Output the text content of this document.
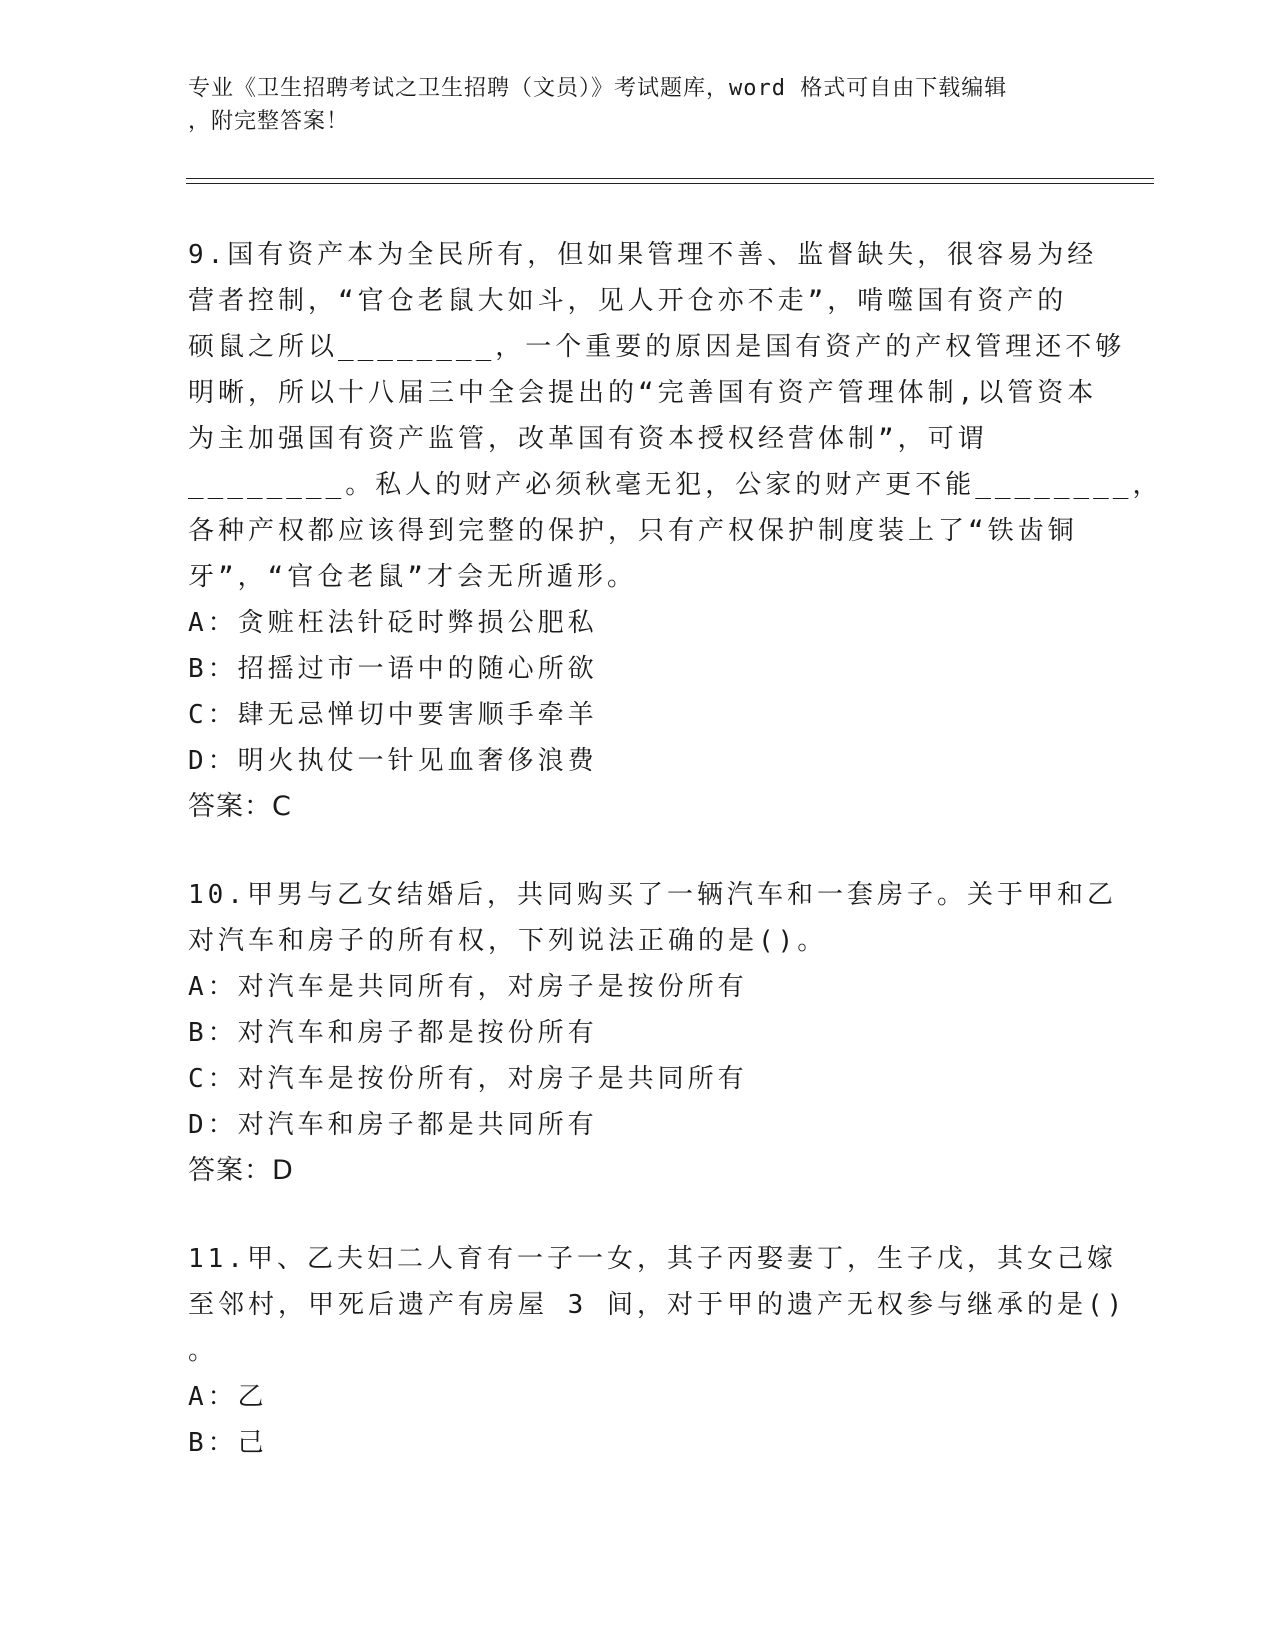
专业《卫生招聘考试之卫生招聘（文员）》考试题库，word 格式可自由下载编辑
，附完整答案！

9.国有资产本为全民所有，但如果管理不善、监督缺失，很容易为经
营者控制，“官仓老鼠大如斗，见人开仓亦不走”，啃噬国有资产的
硕鼠之所以________，一个重要的原因是国有资产的产权管理还不够
明晰，所以十八届三中全会提出的“完善国有资产管理体制,以管资本
为主加强国有资产监管，改革国有资本授权经营体制”，可谓
________。私人的财产必须秋毫无犯，公家的财产更不能________，
各种产权都应该得到完整的保护，只有产权保护制度装上了“铁齿铜
牙”，“官仓老鼠”才会无所遁形。
A：贪赃枉法针砭时弊损公肥私
B：招摇过市一语中的随心所欲
C：肆无忌惮切中要害顺手牵羊
D：明火执仗一针见血奢侈浪费
答案：C
10.甲男与乙女结婚后，共同购买了一辆汽车和一套房子。关于甲和乙
对汽车和房子的所有权，下列说法正确的是()。
A：对汽车是共同所有，对房子是按份所有
B：对汽车和房子都是按份所有
C：对汽车是按份所有，对房子是共同所有
D：对汽车和房子都是共同所有
答案：D
11.甲、乙夫妇二人育有一子一女，其子丙娶妻丁，生子戊，其女己嫁
至邻村，甲死后遗产有房屋 3 间，对于甲的遗产无权参与继承的是()
。
A：乙
B：己
